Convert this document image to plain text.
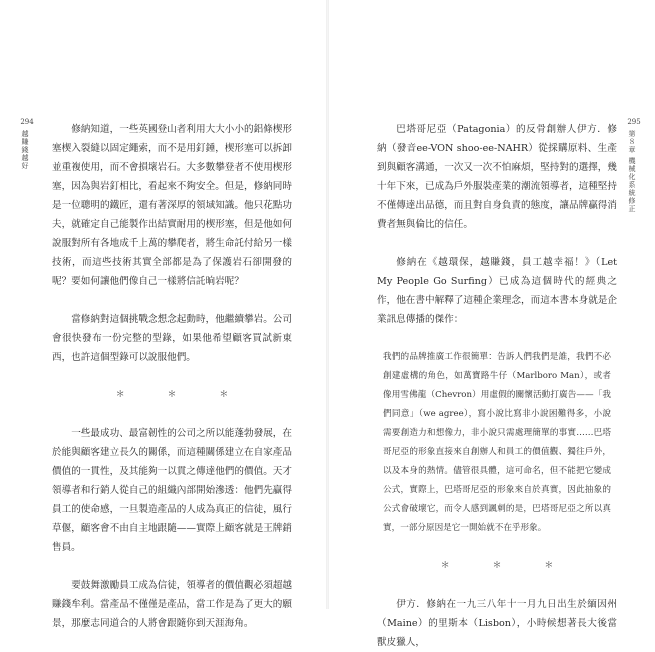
294
越賺錢越好

修納知道，一些英國登山者利用大大小小的鋁條楔形塞楔入裂縫以固定繩索，而不是用釘錘，楔形塞可以拆卸並重複使用，而不會損壞岩石。大多數攀登者不使用楔形塞，因為與岩釘相比，看起來不夠安全。但是，修納同時是一位聰明的鐵匠，還有著深厚的領域知識。他只花點功夫，就確定自己能製作出結實耐用的楔形塞，但是他如何說服對所有各地成千上萬的攀爬者，將生命託付給另一樣技術，而這些技術其實全部都是為了保護岩石卻開發的呢？要如何讓他們像自己一樣將信託晌岩呢？

當修納對這個挑戰念想念起動時，他繼續攀岩。公司會很快發布一份完整的型錄，如果他希望顧客買試新東西，也許這個型錄可以說服他們。

＊ ＊ ＊

一些最成功、最富韌性的公司之所以能蓬勃發展，在於能與顧客建立長久的關係，而這種關係建立在自家產品價值的一貫性，及其能夠一以貫之傳達他們的價值。天才領導者和行銷人從自己的組織內部開始滲透：他們先贏得員工的使命感，一旦製造產品的人成為真正的信徒，風行草偃，顧客會不由自主地跟隨——實際上顧客就是王牌銷售員。

要鼓舞激勵員工成為信徒，領導者的價值觀必須超越賺錢牟利。當產品不僅僅是產品，當工作是為了更大的願景，那麼志同道合的人將會跟隨你到天涯海角。

295
第８章
機械化系統修正

巴塔哥尼亞（Patagonia）的反骨創辦人伊方．修納（發音ee-VON shoo-ee-NAHR）從採購原料、生產到與顧客溝通，一次又一次不怕麻煩，堅持對的選擇，幾十年下來，已成為戶外服裝產業的潮流領導者，這種堅持不僅傳達出品德，而且對自身負責的態度，讓品牌贏得消費者無與倫比的信任。

修納在《越環保，越賺錢，員工越幸福！》（Let My People Go Surfing）已成為這個時代的經典之作，他在書中解釋了這種企業理念，而這本書本身就是企業訊息傳播的傑作：

我們的品牌推廣工作很簡單：告訴人們我們是誰，我們不必創建虛構的角色，如萬寶路牛仔（Marlboro Man），或者像用雪佛龍（Chevron）用虛假的關懷活動打廣告——「我們同意」（we agree），寫小說比寫非小說困難得多，小說需要創造力和想像力，非小說只需處理簡單的事實……巴塔哥尼亞的形象直接來自創辦人和員工的價值觀、獨往戶外，以及本身的熱情。儘管很具體，這可命名，但不能把它變成公式，實際上，巴塔哥尼亞的形象來自於真實，因此抽象的公式會破壞它，而令人感到諷刺的是，巴塔哥尼亞之所以真實，一部分原因是它一開始就不在乎形象。
＊ ＊ ＊

伊方．修納在一九三八年十一月九日出生於緬因州（Maine）的里斯本（Lisbon），小時候想著長大後當獸皮獵人，
